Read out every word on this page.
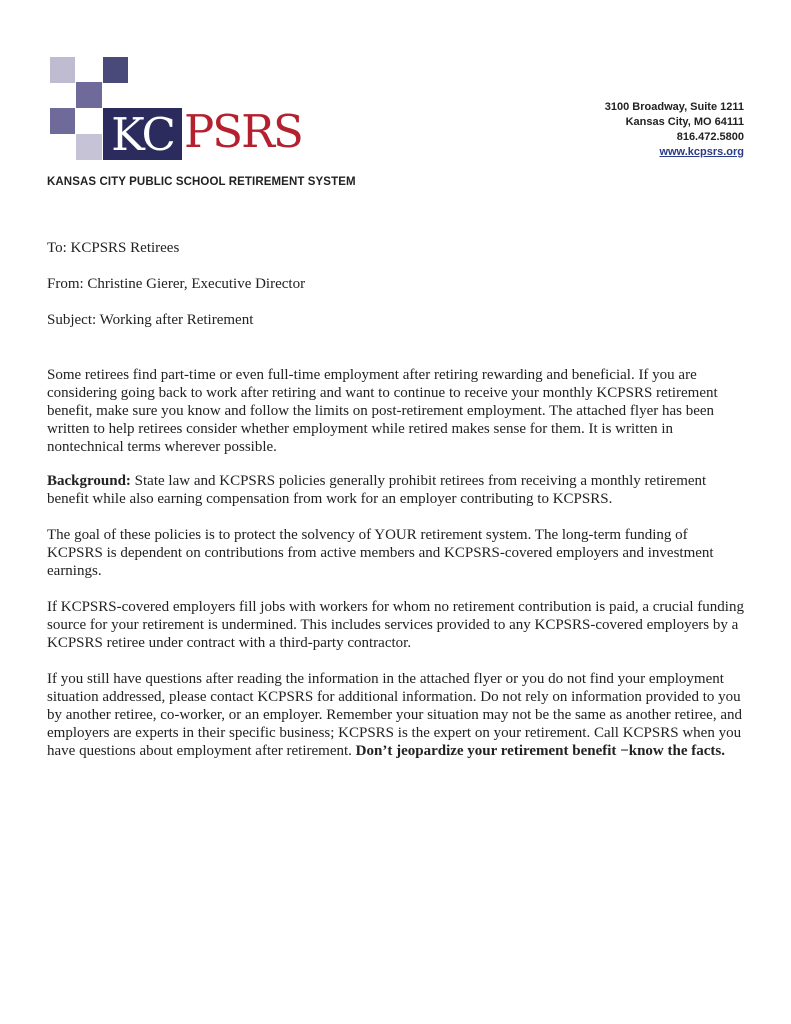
KC PSRS
KANSAS CITY PUBLIC SCHOOL RETIREMENT SYSTEM
3100 Broadway, Suite 1211
Kansas City, MO 64111
816.472.5800
www.kcpsrs.org
To: KCPSRS Retirees
From: Christine Gierer, Executive Director
Subject: Working after Retirement

Some retirees find part-time or even full-time employment after retiring rewarding and beneficial. If you are considering going back to work after retiring and want to continue to receive your monthly KCPSRS retirement benefit, make sure you know and follow the limits on post-retirement employment. The attached flyer has been written to help retirees consider whether employment while retired makes sense for them. It is written in nontechnical terms wherever possible.

Background: State law and KCPSRS policies generally prohibit retirees from receiving a monthly retirement benefit while also earning compensation from work for an employer contributing to KCPSRS.

The goal of these policies is to protect the solvency of YOUR retirement system. The long-term funding of KCPSRS is dependent on contributions from active members and KCPSRS-covered employers and investment earnings.

If KCPSRS-covered employers fill jobs with workers for whom no retirement contribution is paid, a crucial funding source for your retirement is undermined. This includes services provided to any KCPSRS-covered employers by a KCPSRS retiree under contract with a third-party contractor.

If you still have questions after reading the information in the attached flyer or you do not find your employment situation addressed, please contact KCPSRS for additional information. Do not rely on information provided to you by another retiree, co-worker, or an employer. Remember your situation may not be the same as another retiree, and employers are experts in their specific business; KCPSRS is the expert on your retirement. Call KCPSRS when you have questions about employment after retirement. Don’t jeopardize your retirement benefit −know the facts.
